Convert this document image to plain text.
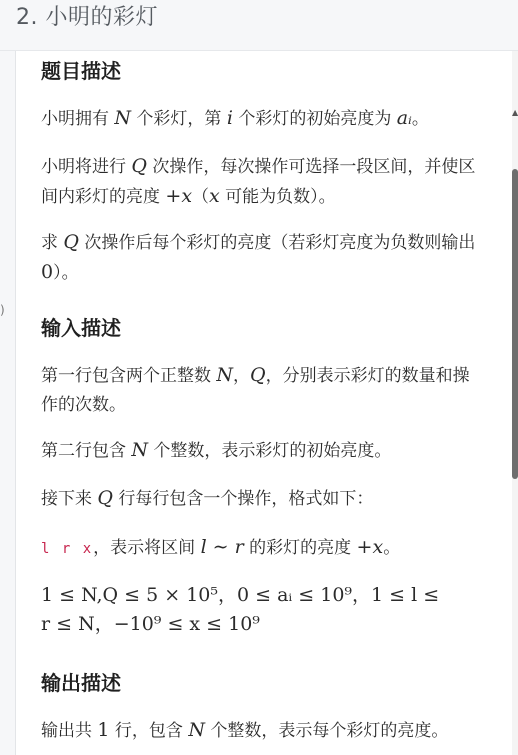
2. 小明的彩灯
)
▲
题目描述
小明拥有 N 个彩灯，第 i 个彩灯的初始亮度为 aᵢ。
小明将进行 Q 次操作，每次操作可选择一段区间，并使区间内彩灯的亮度 +x（x 可能为负数）。
求 Q 次操作后每个彩灯的亮度（若彩灯亮度为负数则输出 0）。
输入描述
第一行包含两个正整数 N，Q，分别表示彩灯的数量和操作的次数。
第二行包含 N 个整数，表示彩灯的初始亮度。
接下来 Q 行每行包含一个操作，格式如下：
l r x，表示将区间 l ∼ r 的彩灯的亮度 +x。
1 ≤ N,Q ≤ 5 × 10⁵，0 ≤ aᵢ ≤ 10⁹，1 ≤ l ≤
r ≤ N，−10⁹ ≤ x ≤ 10⁹
输出描述
输出共 1 行，包含 N 个整数，表示每个彩灯的亮度。
